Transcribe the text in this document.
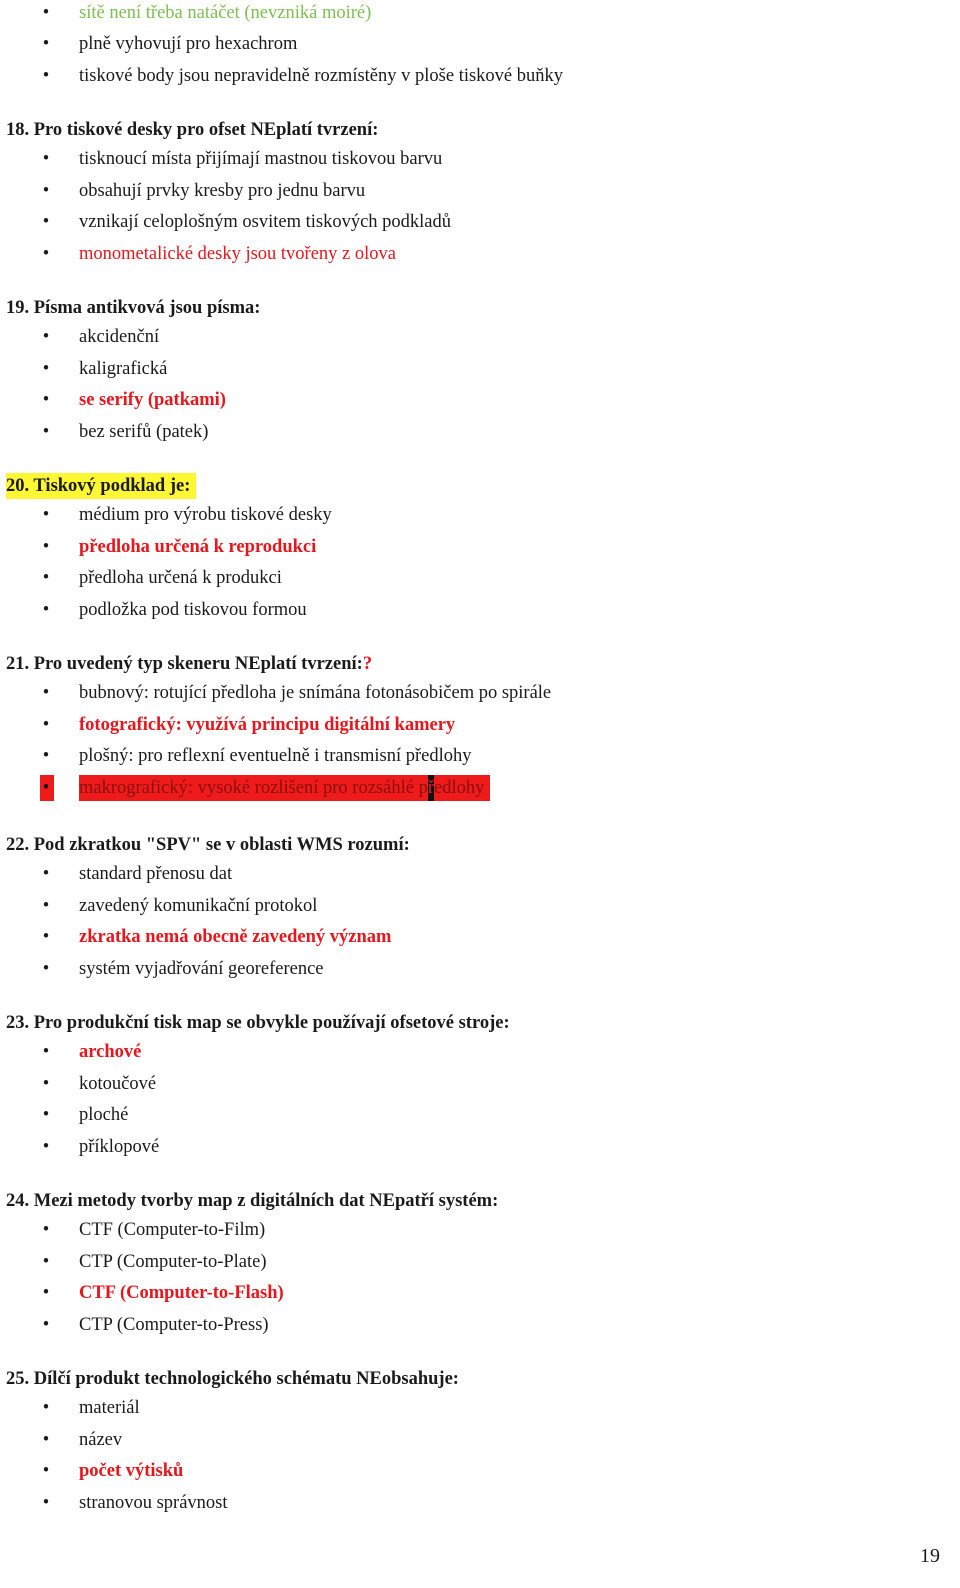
• sítě není třeba natáčet (nevzniká moiré)
• plně vyhovují pro hexachrom
• tiskové body jsou nepravidelně rozmístěny v ploše tiskové buňky
18. Pro tiskové desky pro ofset NEplatí tvrzení:
• tisknoucí místa přijímají mastnou tiskovou barvu
• obsahují prvky kresby pro jednu barvu
• vznikají celoplošným osvitem tiskových podkladů
• monometalické desky jsou tvořeny z olova
19. Písma antikvová jsou písma:
• akcidenční
• kaligrafická
• se serify (patkami)
• bez serifů (patek)
20. Tiskový podklad je:
• médium pro výrobu tiskové desky
• předloha určená k reprodukci
• předloha určená k produkci
• podložka pod tiskovou formou
21. Pro uvedený typ skeneru NEplatí tvrzení:?
• bubnový: rotující předloha je snímána fotonásobičem po spirále
• fotografický: využívá principu digitální kamery
• plošný: pro reflexní eventuelně i transmisní předlohy
• makrografický: vysoké rozlišení pro rozsáhlé předlohy
22. Pod zkratkou "SPV" se v oblasti WMS rozumí:
• standard přenosu dat
• zavedený komunikační protokol
• zkratka nemá obecně zavedený význam
• systém vyjadřování georeference
23. Pro produkční tisk map se obvykle používají ofsetové stroje:
• archové
• kotoučové
• ploché
• příklopové
24. Mezi metody tvorby map z digitálních dat NEpatří systém:
• CTF (Computer-to-Film)
• CTP (Computer-to-Plate)
• CTF (Computer-to-Flash)
• CTP (Computer-to-Press)
25. Dílčí produkt technologického schématu NEobsahuje:
• materiál
• název
• počet výtisků
• stranovou správnost
19
